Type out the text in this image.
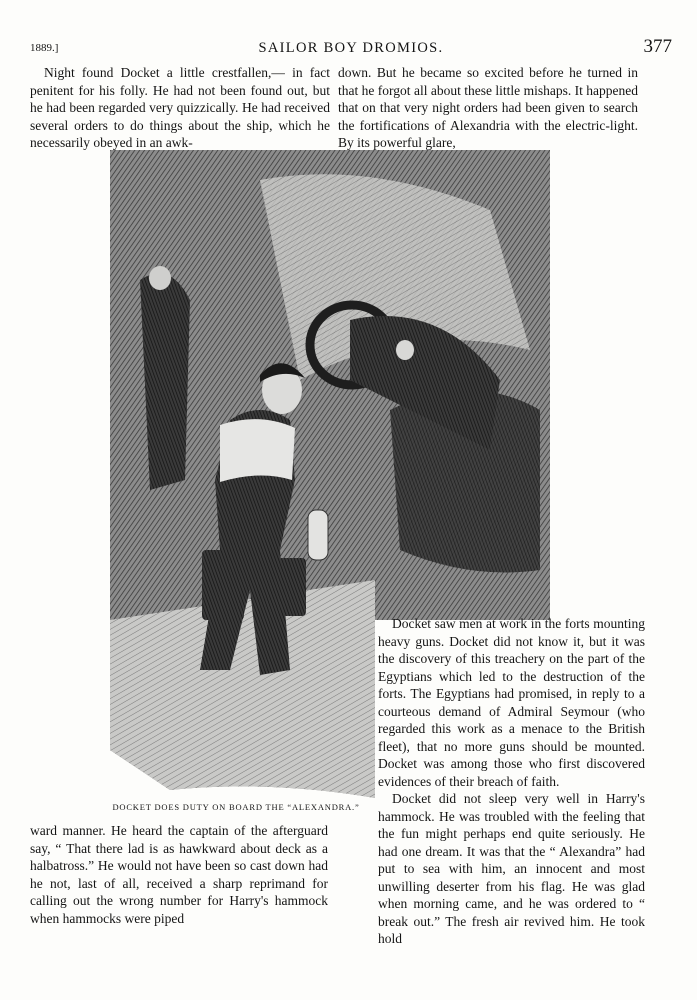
1889.]	SAILOR BOY DROMIOS.	377

Night found Docket a little crestfallen,— in fact penitent for his folly. He had not been found out, but he had been regarded very quizzically. He had received several orders to do things about the ship, which he necessarily obeyed in an awk-

down. But he became so excited before he turned in that he forgot all about these little mishaps. It happened that on that very night orders had been given to search the fortifications of Alexandria with the electric-light. By its powerful glare,

DOCKET DOES DUTY ON BOARD THE “ALEXANDRA.”

Docket saw men at work in the forts mounting heavy guns. Docket did not know it, but it was the discovery of this treachery on the part of the Egyptians which led to the destruction of the forts. The Egyptians had promised, in reply to a courteous demand of Admiral Seymour (who regarded this work as a menace to the British fleet), that no more guns should be mounted. Docket was among those who first discovered evidences of their breach of faith.

Docket did not sleep very well in Harry's hammock. He was troubled with the feeling that the fun might perhaps end quite seriously. He had one dream. It was that the “ Alexandra” had put to sea with him, an innocent and most unwilling deserter from his flag. He was glad when morning came, and he was ordered to “ break out.” The fresh air revived him. He took hold

ward manner. He heard the captain of the afterguard say, “ That there lad is as hawkward about deck as a halbatross.” He would not have been so cast down had he not, last of all, received a sharp reprimand for calling out the wrong number for Harry's hammock when hammocks were piped
